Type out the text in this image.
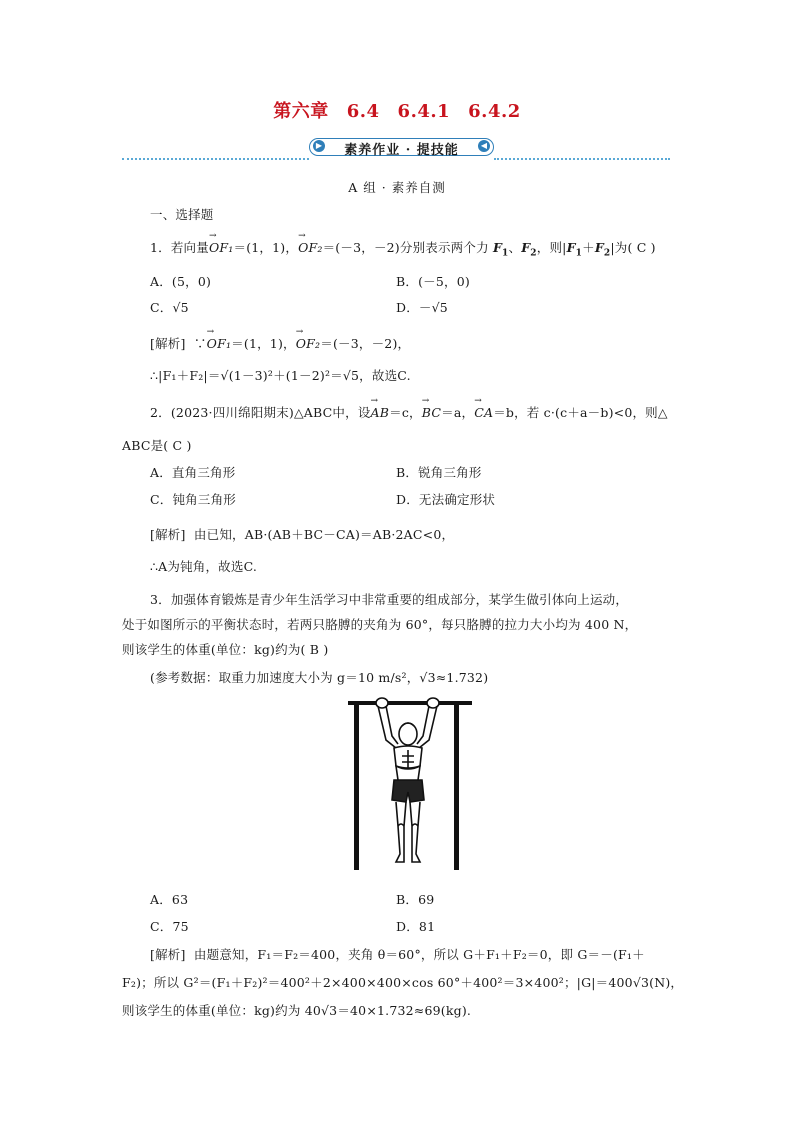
第六章 6.4 6.4.1 6.4.2
▶	◀
素养作业 · 提技能
A 组 · 素养自测
一、选择题
1．若向量→ OF₁＝(1，1)，→ OF₂＝(－3，－2)分别表示两个力 $F_1$、$F_2$，则$|F_1+F_2|$为( C )
A．(5，0)	B．(－5，0)
C．√5	D．－√5
[解析] ∵→ OF₁＝(1，1)，→ OF₂＝(－3，－2)，
∴|F₁＋F₂|＝√(1－3)²＋(1－2)²＝√5，故选C.
2．(2023·四川绵阳期末)△ABC中，设→ AB＝c，→ BC＝a，→ CA＝b，若 c·(c＋a－b)<0，则△
ABC是( C )
A．直角三角形	B．锐角三角形
C．钝角三角形	D．无法确定形状
[解析] 由已知，AB·(AB＋BC－CA)＝AB·2AC<0，
∴A为钝角，故选C.
3．加强体育锻炼是青少年生活学习中非常重要的组成部分，某学生做引体向上运动，
处于如图所示的平衡状态时，若两只胳膊的夹角为 60°，每只胳膊的拉力大小均为 400 N，
则该学生的体重(单位：kg)约为( B )
(参考数据：取重力加速度大小为 g＝10 m/s²，√3≈1.732)
A．63	B．69
C．75	D．81
[解析] 由题意知，F₁＝F₂＝400，夹角 θ＝60°，所以 G＋F₁＋F₂＝0，即 G＝－(F₁＋
F₂)；所以 G²＝(F₁＋F₂)²＝400²＋2×400×400×cos 60°＋400²＝3×400²；|G|＝400√3(N)，
则该学生的体重(单位：kg)约为 40√3＝40×1.732≈69(kg).
